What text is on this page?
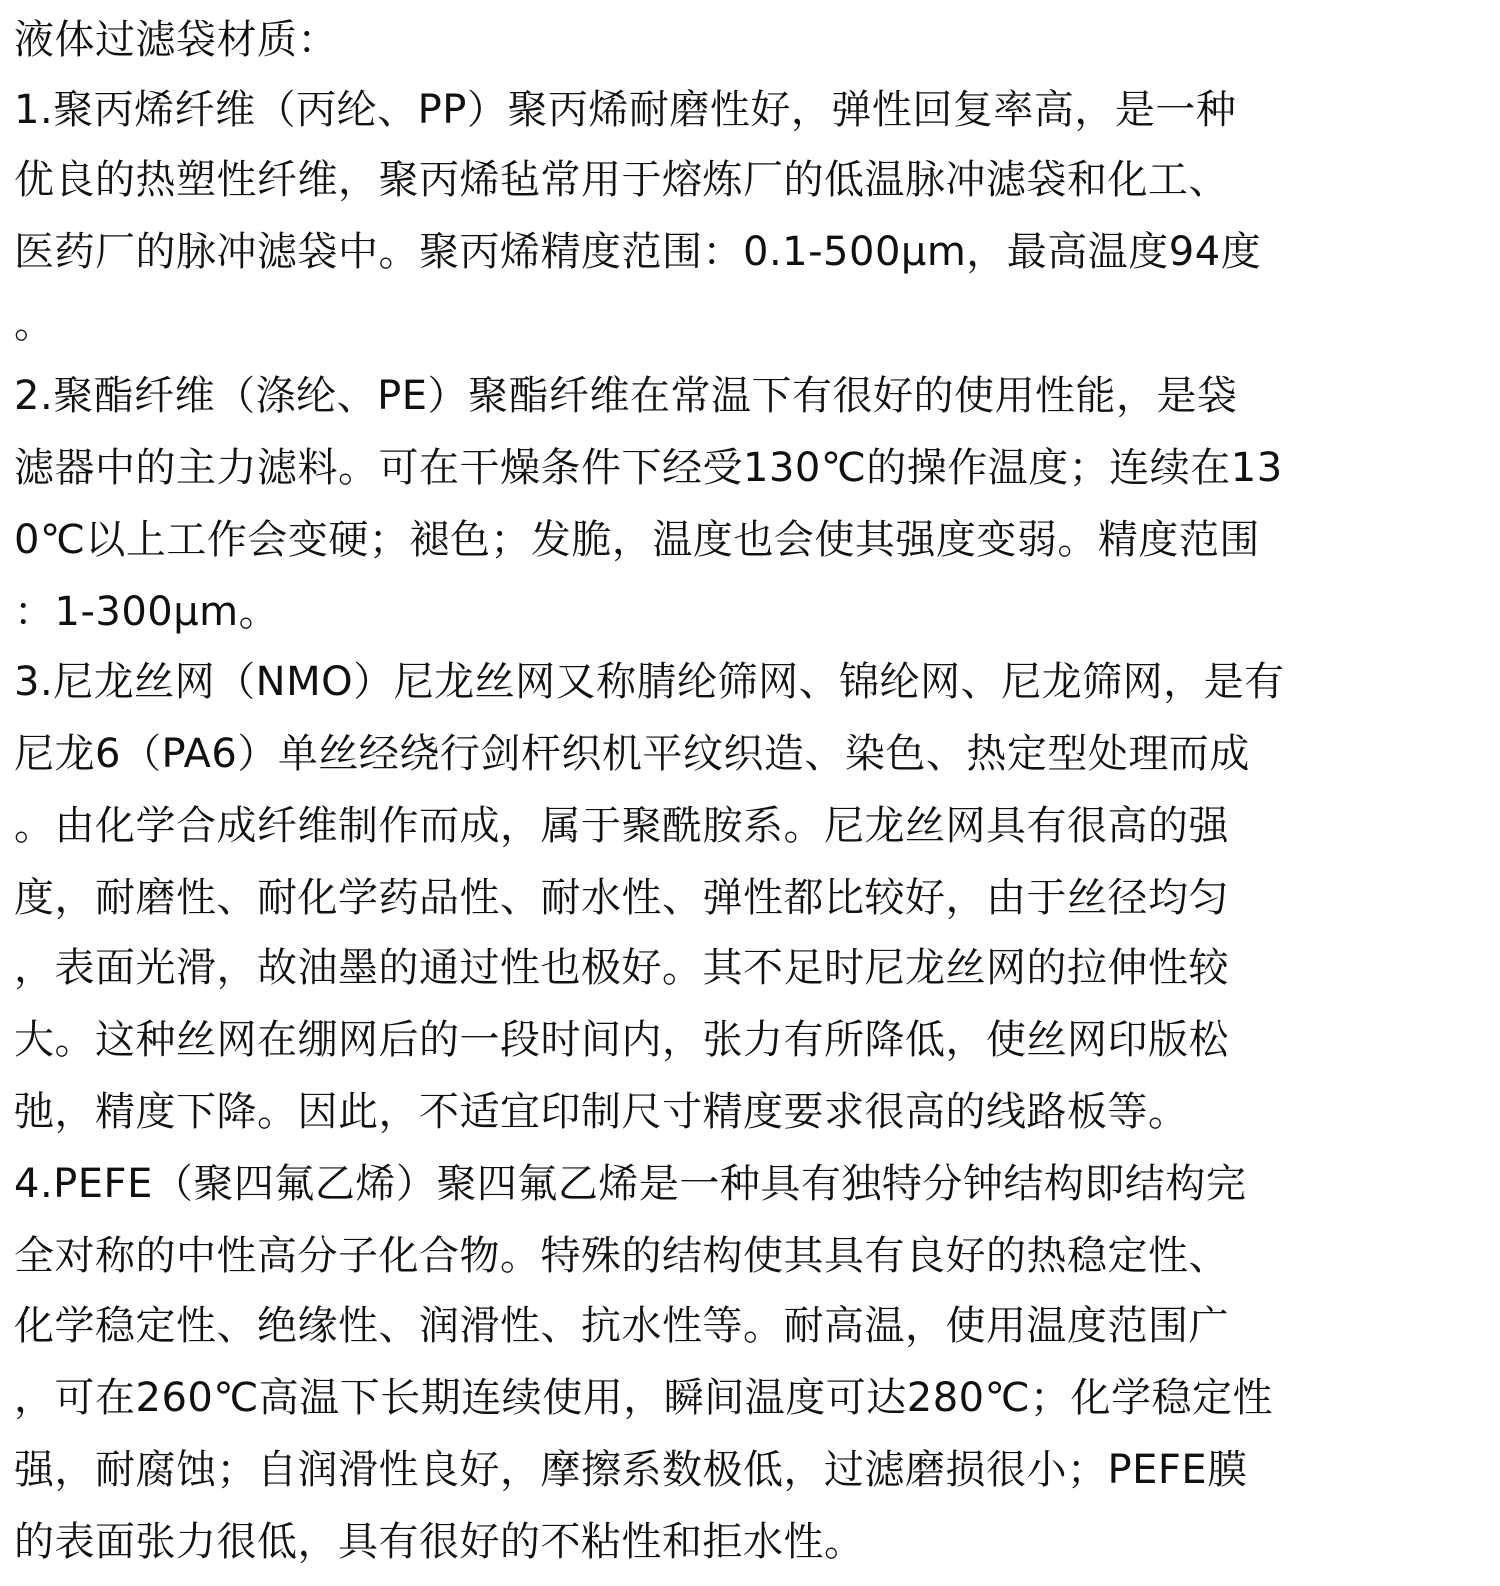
液体过滤袋材质：
1.聚丙烯纤维（丙纶、PP）聚丙烯耐磨性好，弹性回复率高，是一种
优良的热塑性纤维，聚丙烯毡常用于熔炼厂的低温脉冲滤袋和化工、
医药厂的脉冲滤袋中。聚丙烯精度范围：0.1-500μm，最高温度94度
。
2.聚酯纤维（涤纶、PE）聚酯纤维在常温下有很好的使用性能，是袋
滤器中的主力滤料。可在干燥条件下经受130℃的操作温度；连续在13
0℃以上工作会变硬；褪色；发脆，温度也会使其强度变弱。精度范围
：1-300μm。
3.尼龙丝网（NMO）尼龙丝网又称腈纶筛网、锦纶网、尼龙筛网，是有
尼龙6（PA6）单丝经绕行剑杆织机平纹织造、染色、热定型处理而成
。由化学合成纤维制作而成，属于聚酰胺系。尼龙丝网具有很高的强
度，耐磨性、耐化学药品性、耐水性、弹性都比较好，由于丝径均匀
，表面光滑，故油墨的通过性也极好。其不足时尼龙丝网的拉伸性较
大。这种丝网在绷网后的一段时间内，张力有所降低，使丝网印版松
弛，精度下降。因此，不适宜印制尺寸精度要求很高的线路板等。
4.PEFE（聚四氟乙烯）聚四氟乙烯是一种具有独特分钟结构即结构完
全对称的中性高分子化合物。特殊的结构使其具有良好的热稳定性、
化学稳定性、绝缘性、润滑性、抗水性等。耐高温，使用温度范围广
，可在260℃高温下长期连续使用，瞬间温度可达280℃；化学稳定性
强，耐腐蚀；自润滑性良好，摩擦系数极低，过滤磨损很小；PEFE膜
的表面张力很低，具有很好的不粘性和拒水性。
